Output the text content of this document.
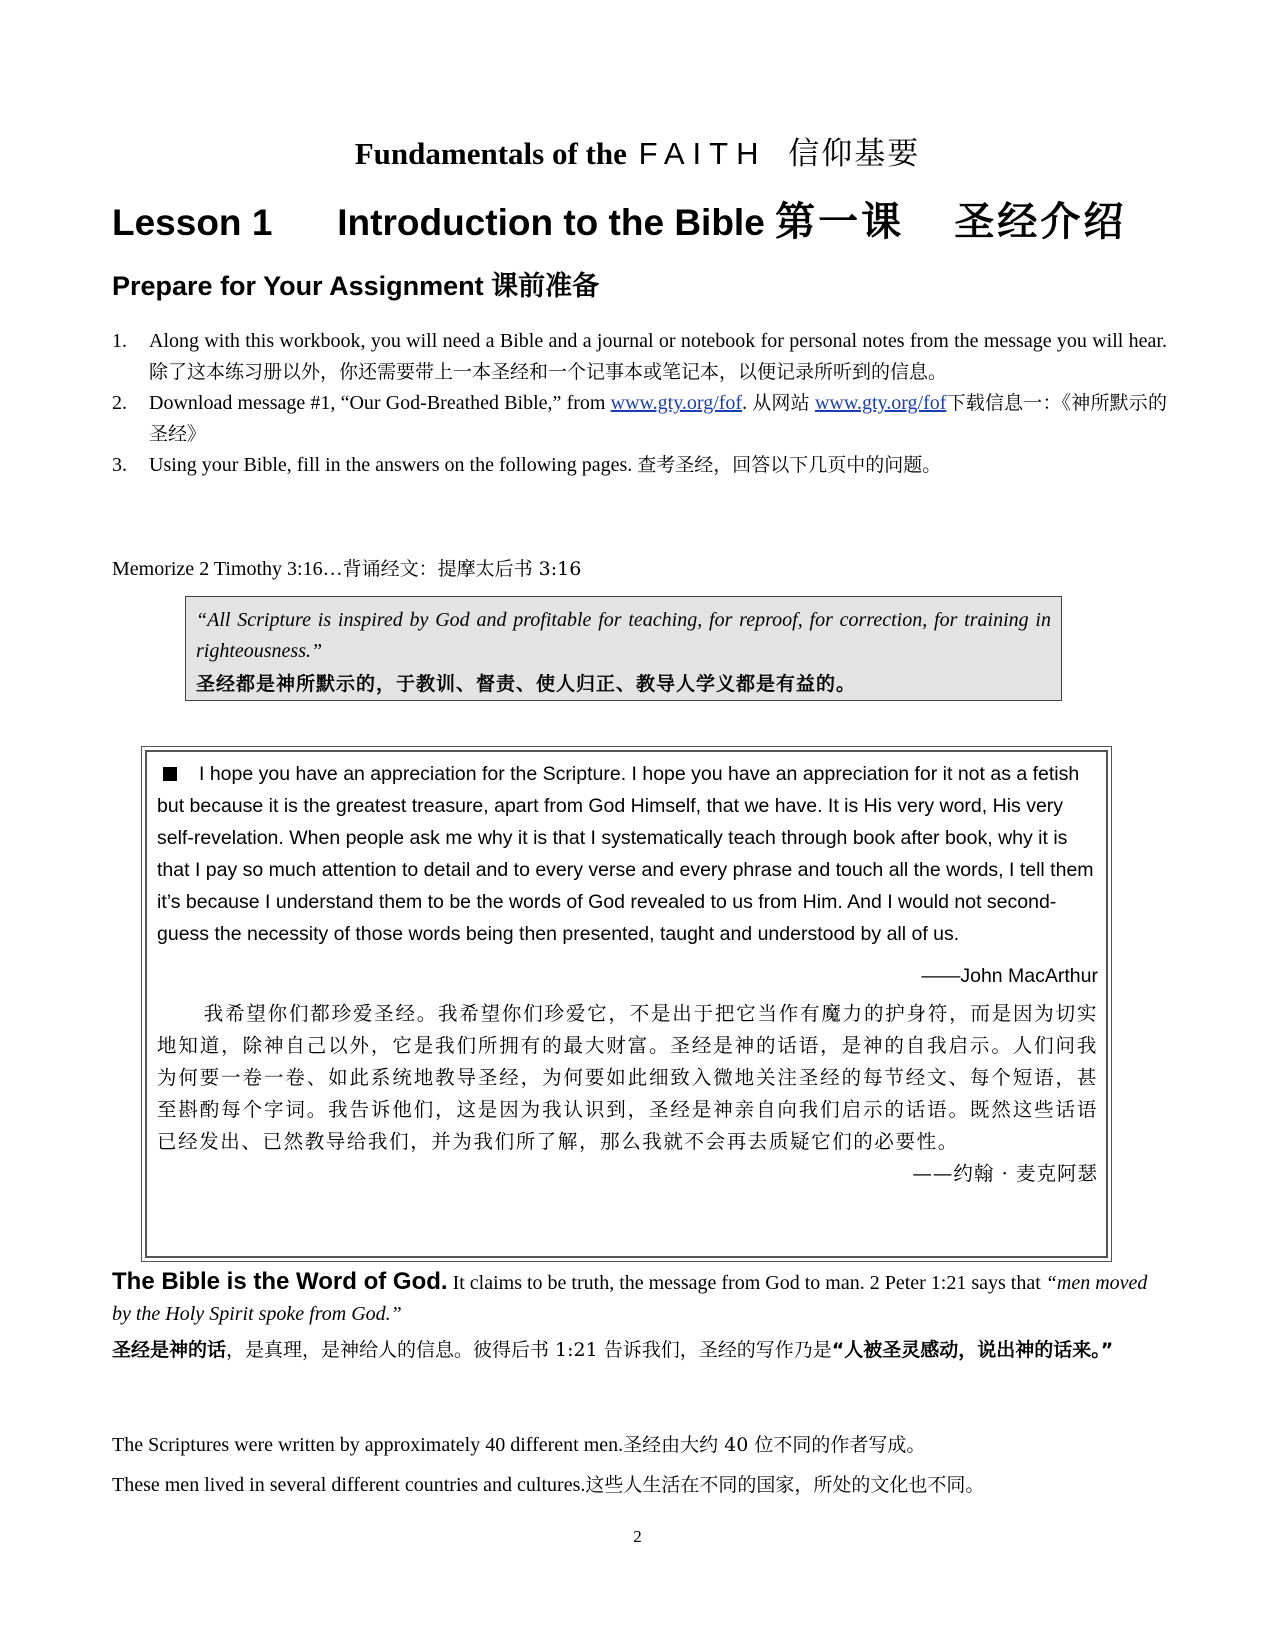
Fundamentals of the FAITH 信仰基要
Lesson 1 Introduction to the Bible 第一课 圣经介绍
Prepare for Your Assignment 课前准备
1. Along with this workbook, you will need a Bible and a journal or notebook for personal notes from the message you will hear. 除了这本练习册以外，你还需要带上一本圣经和一个记事本或笔记本，以便记录所听到的信息。
2. Download message #1, “Our God-Breathed Bible,” from www.gty.org/fof. 从网站 www.gty.org/fof下载信息一：《神所默示的圣经》
3. Using your Bible, fill in the answers on the following pages. 查考圣经，回答以下几页中的问题。
Memorize 2 Timothy 3:16…背诵经文：提摩太后书 3:16
“All Scripture is inspired by God and profitable for teaching, for reproof, for correction, for training in righteousness.”
圣经都是神所默示的，于教训、督责、使人归正、教导人学义都是有益的。
I hope you have an appreciation for the Scripture. I hope you have an appreciation for it not as a fetish but because it is the greatest treasure, apart from God Himself, that we have. It is His very word, His very self-revelation. When people ask me why it is that I systematically teach through book after book, why it is that I pay so much attention to detail and to every verse and every phrase and touch all the words, I tell them it’s because I understand them to be the words of God revealed to us from Him. And I would not second-guess the necessity of those words being then presented, taught and understood by all of us.
——John MacArthur
我希望你们都珍爱圣经。我希望你们珍爱它，不是出于把它当作有魔力的护身符，而是因为切实地知道，除神自己以外，它是我们所拥有的最大财富。圣经是神的话语，是神的自我启示。人们问我为何要一卷一卷、如此系统地教导圣经，为何要如此细致入微地关注圣经的每节经文、每个短语，甚至斟酌每个字词。我告诉他们，这是因为我认识到，圣经是神亲自向我们启示的话语。既然这些话语已经发出、已然教导给我们，并为我们所了解，那么我就不会再去质疑它们的必要性。
——约翰 · 麦克阿瑟
The Bible is the Word of God. It claims to be truth, the message from God to man. 2 Peter 1:21 says that “men moved by the Holy Spirit spoke from God.”
圣经是神的话，是真理，是神给人的信息。彼得后书 1:21 告诉我们，圣经的写作乃是“人被圣灵感动，说出神的话来。”
The Scriptures were written by approximately 40 different men.圣经由大约 40 位不同的作者写成。
These men lived in several different countries and cultures.这些人生活在不同的国家，所处的文化也不同。
2
